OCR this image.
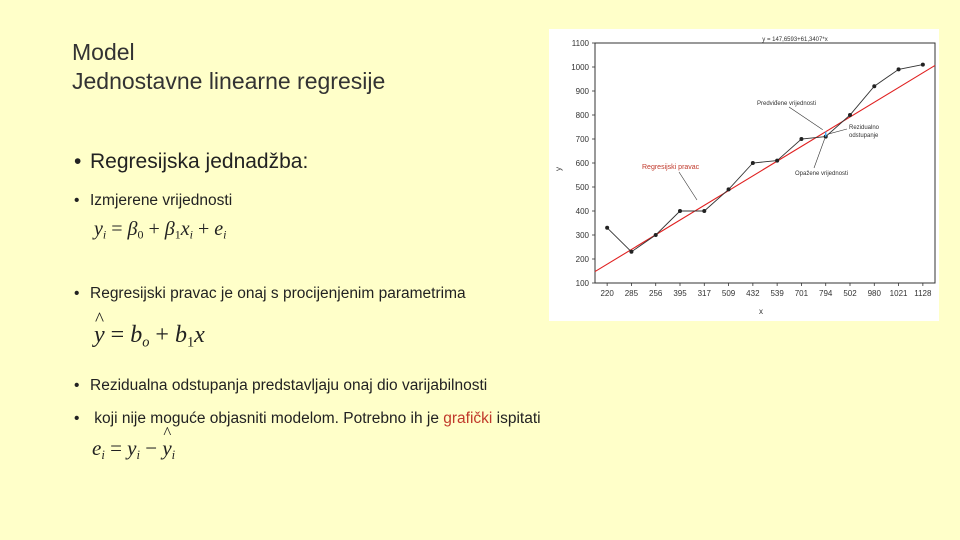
Model
Jednostavne linearne regresije
• Regresijska jednadžba:
• Izmjerene vrijednosti
$y_i = \beta_0 + \beta_1x_i + e_i$
• Regresijski pravac je onaj s procijenjenim parametrima
^ $y = b_o + b_1x$
• Rezidualna odstupanja predstavljaju onaj dio varijabilnosti
• koji nije moguće objasniti modelom. Potrebno ih je grafički ispitati
$e_i = y_i$ − ^ $y_i$
100
200
300
400
500
600
700
800
900
1000
1100
220 285 256 395 317 509 432 539 701 794 502 980 1021 1128
y = 147,6593+61,3407*x
x
y
Predviđene vrijednosti
Rezidualno
odstupanje
Regresijski pravac
Opažene vrijednosti
